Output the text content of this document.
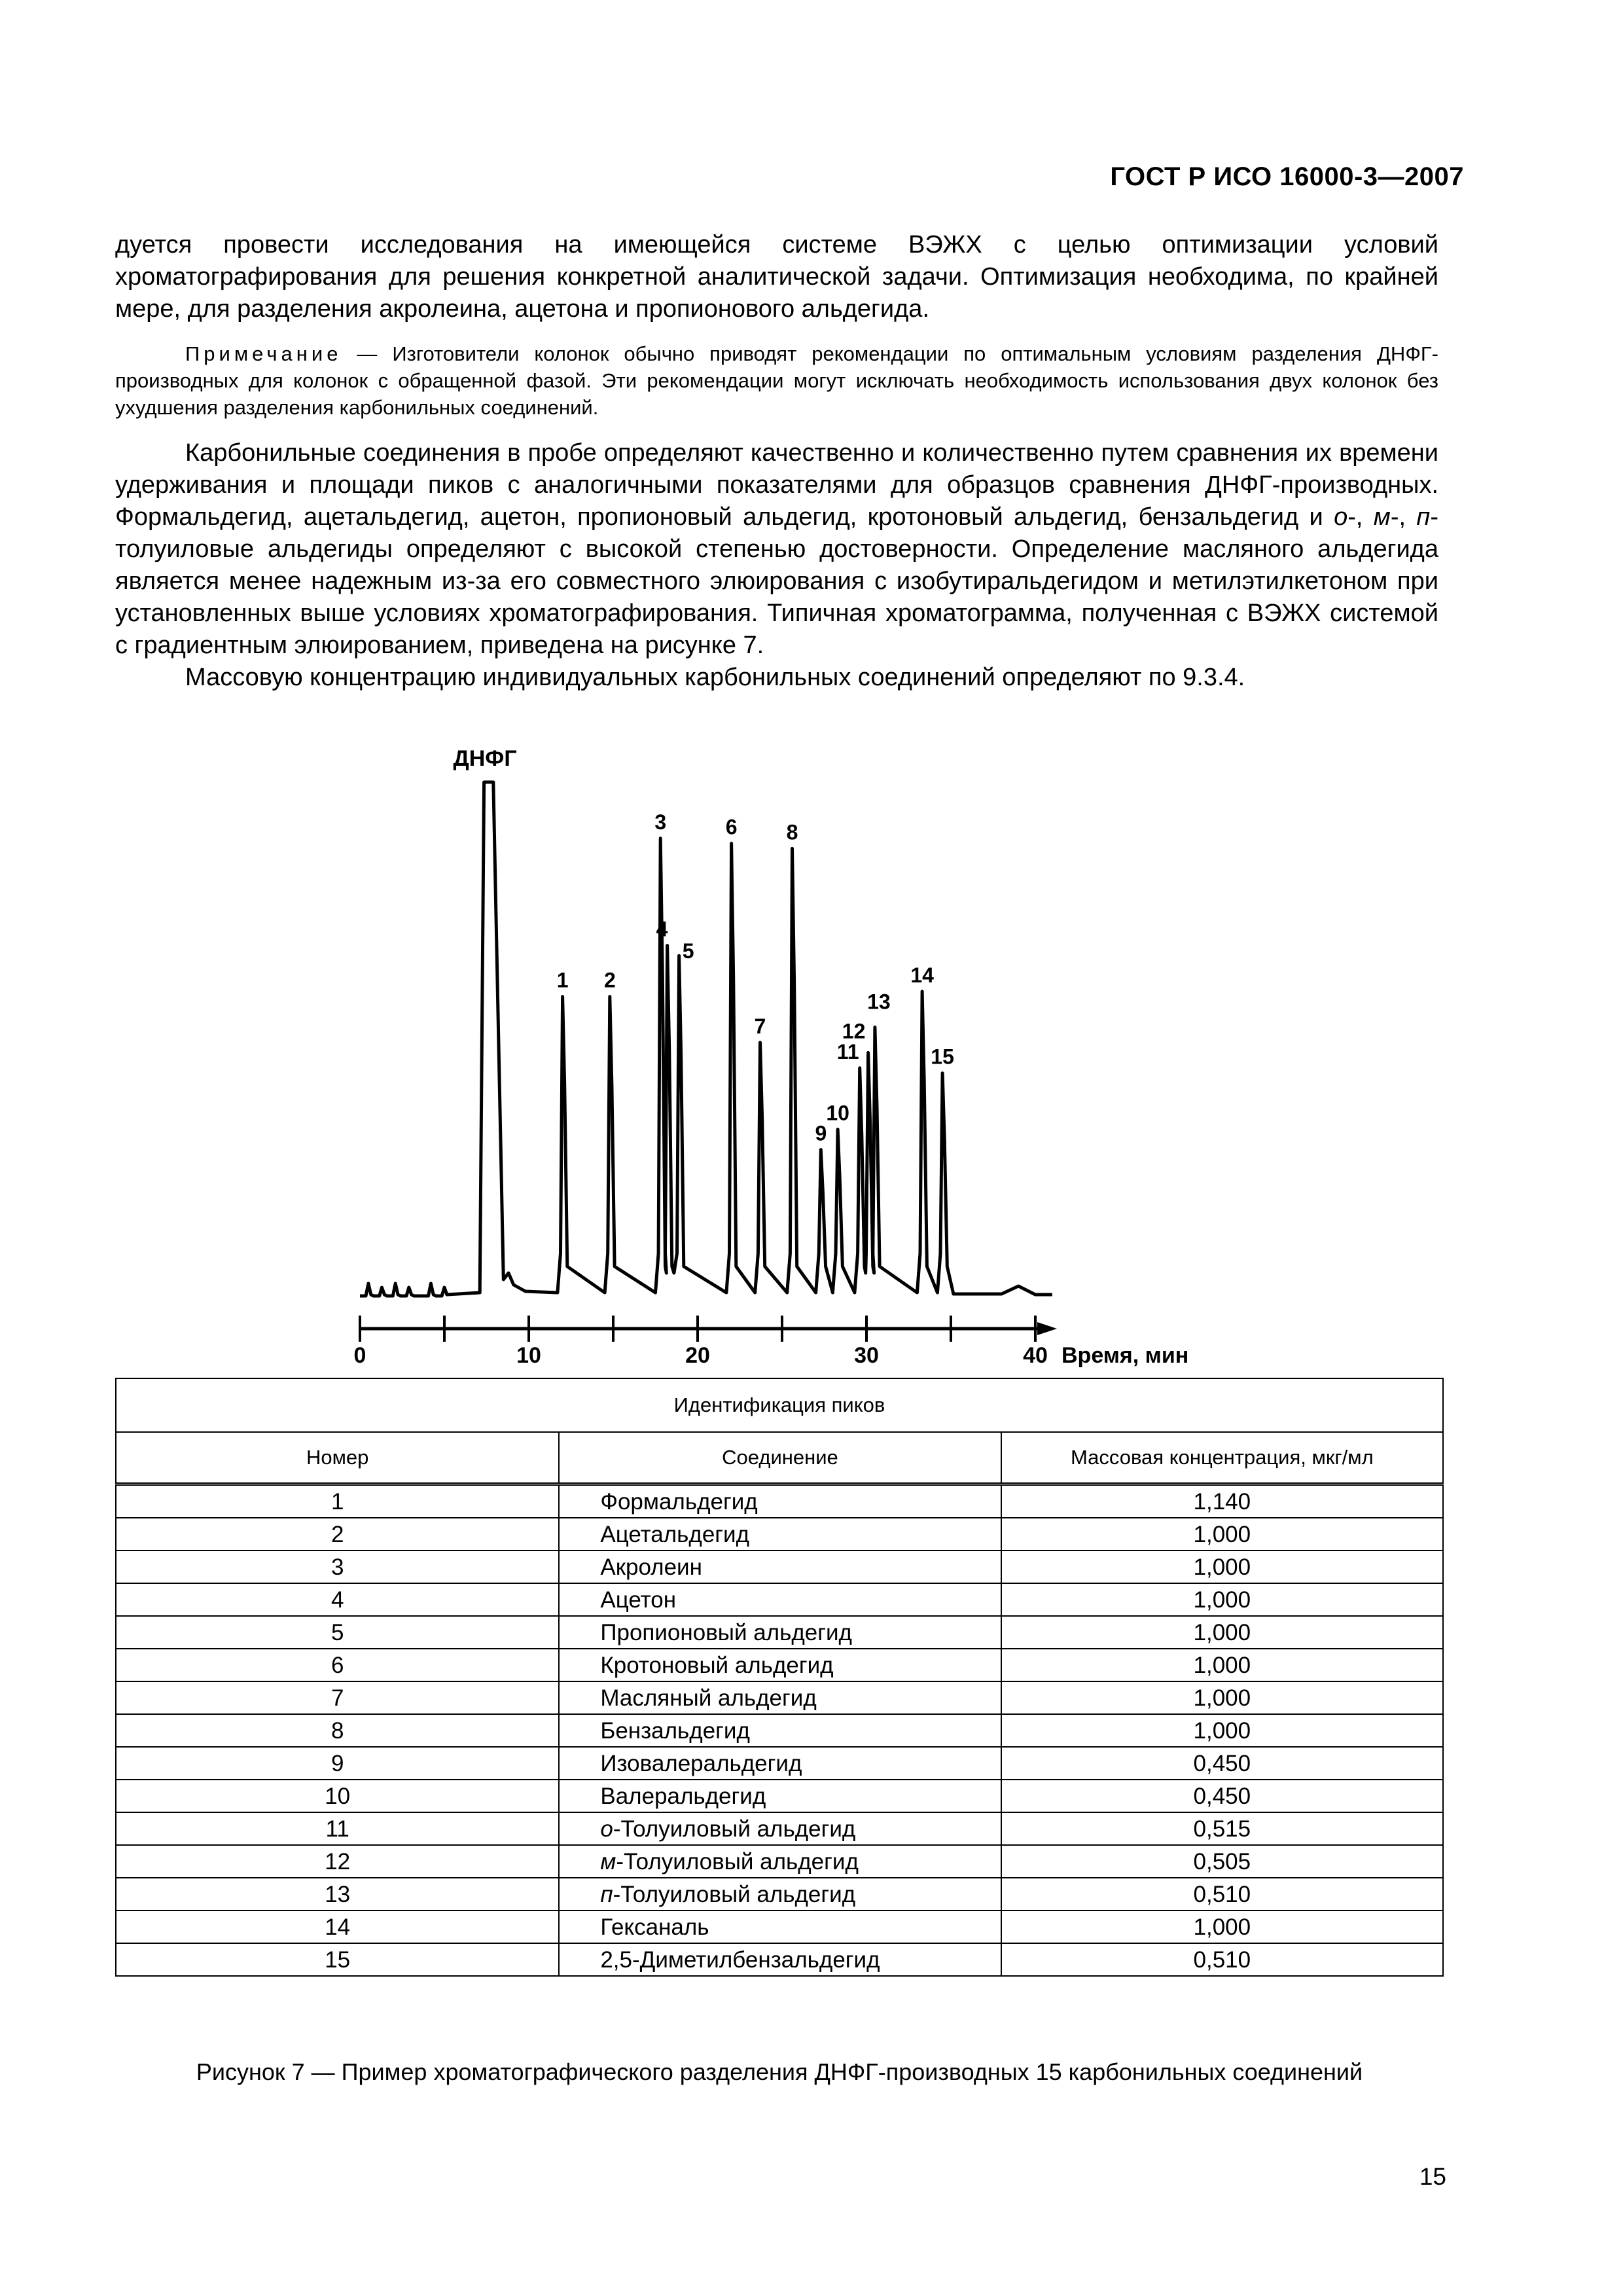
ГОСТ Р ИСО 16000-3—2007

дуется провести исследования на имеющейся системе ВЭЖХ с целью оптимизации условий хроматографирования для решения конкретной аналитической задачи. Оптимизация необходима, по крайней мере, для разделения акролеина, ацетона и пропионового альдегида.

Примечание — Изготовители колонок обычно приводят рекомендации по оптимальным условиям разделения ДНФГ-производных для колонок с обращенной фазой. Эти рекомендации могут исключать необходимость использования двух колонок без ухудшения разделения карбонильных соединений.

Карбонильные соединения в пробе определяют качественно и количественно путем сравнения их времени удерживания и площади пиков с аналогичными показателями для образцов сравнения ДНФГ-производных. Формальдегид, ацетальдегид, ацетон, пропионовый альдегид, кротоновый альдегид, бензальдегид и о-, м-, п-толуиловые альдегиды определяют с высокой степенью достоверности. Определение масляного альдегида является менее надежным из-за его совместного элюирования с изобутиральдегидом и метилэтилкетоном при установленных выше условиях хроматографирования. Типичная хроматограмма, полученная с ВЭЖХ системой с градиентным элюированием, приведена на рисунке 7.

Массовую концентрацию индивидуальных карбонильных соединений определяют по 9.3.4.

0	10	20	30	40
1 2
3
4
5
6
7
8
9
10
11
12
13
14
15
ДНФГ
Время, мин
Идентификация пиков		
Номер	Соединение	Массовая концентрация, мкг/мл
1	Формальдегид	1,140
2	Ацетальдегид	1,000
3	Акролеин	1,000
4	Ацетон	1,000
5	Пропионовый альдегид	1,000
6	Кротоновый альдегид	1,000
7	Масляный альдегид	1,000
8	Бензальдегид	1,000
9	Изовалеральдегид	0,450
10	Валеральдегид	0,450
11	о-Толуиловый альдегид	0,515
12	м-Толуиловый альдегид	0,505
13	п-Толуиловый альдегид	0,510
14	Гексаналь	1,000
15	2,5-Диметилбензальдегид	0,510
Рисунок 7 — Пример хроматографического разделения ДНФГ-производных 15 карбонильных соединений
15
